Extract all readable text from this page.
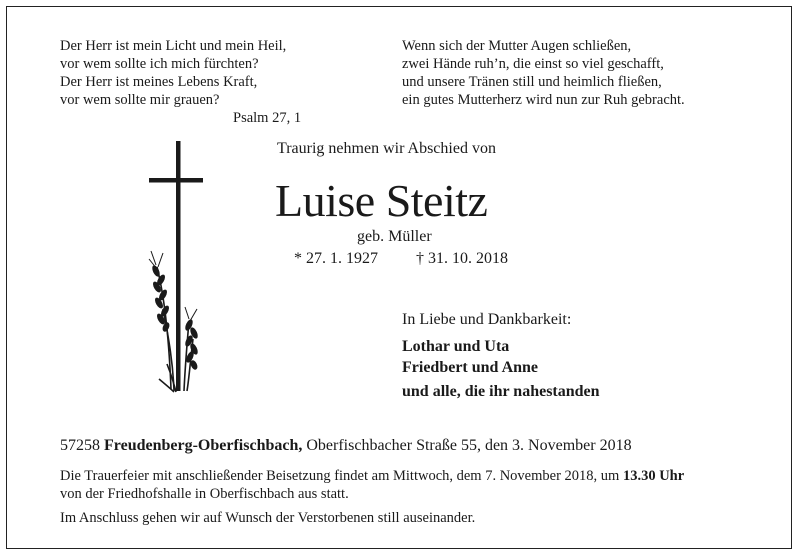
Der Herr ist mein Licht und mein Heil,
vor wem sollte ich mich fürchten?
Der Herr ist meines Lebens Kraft,
vor wem sollte mir grauen?
Psalm 27, 1
Wenn sich der Mutter Augen schließen,
zwei Hände ruh’n, die einst so viel geschafft,
und unsere Tränen still und heimlich fließen,
ein gutes Mutterherz wird nun zur Ruh gebracht.
Traurig nehmen wir Abschied von
Luise Steitz
geb. Müller
* 27. 1. 1927 † 31. 10. 2018
In Liebe und Dankbarkeit:
Lothar und Uta
Friedbert und Anne
und alle, die ihr nahestanden
57258 Freudenberg-Oberfischbach, Oberfischbacher Straße 55, den 3. November 2018
Die Trauerfeier mit anschließender Beisetzung findet am Mittwoch, dem 7. November 2018, um 13.30 Uhr
von der Friedhofshalle in Oberfischbach aus statt.
Im Anschluss gehen wir auf Wunsch der Verstorbenen still auseinander.
